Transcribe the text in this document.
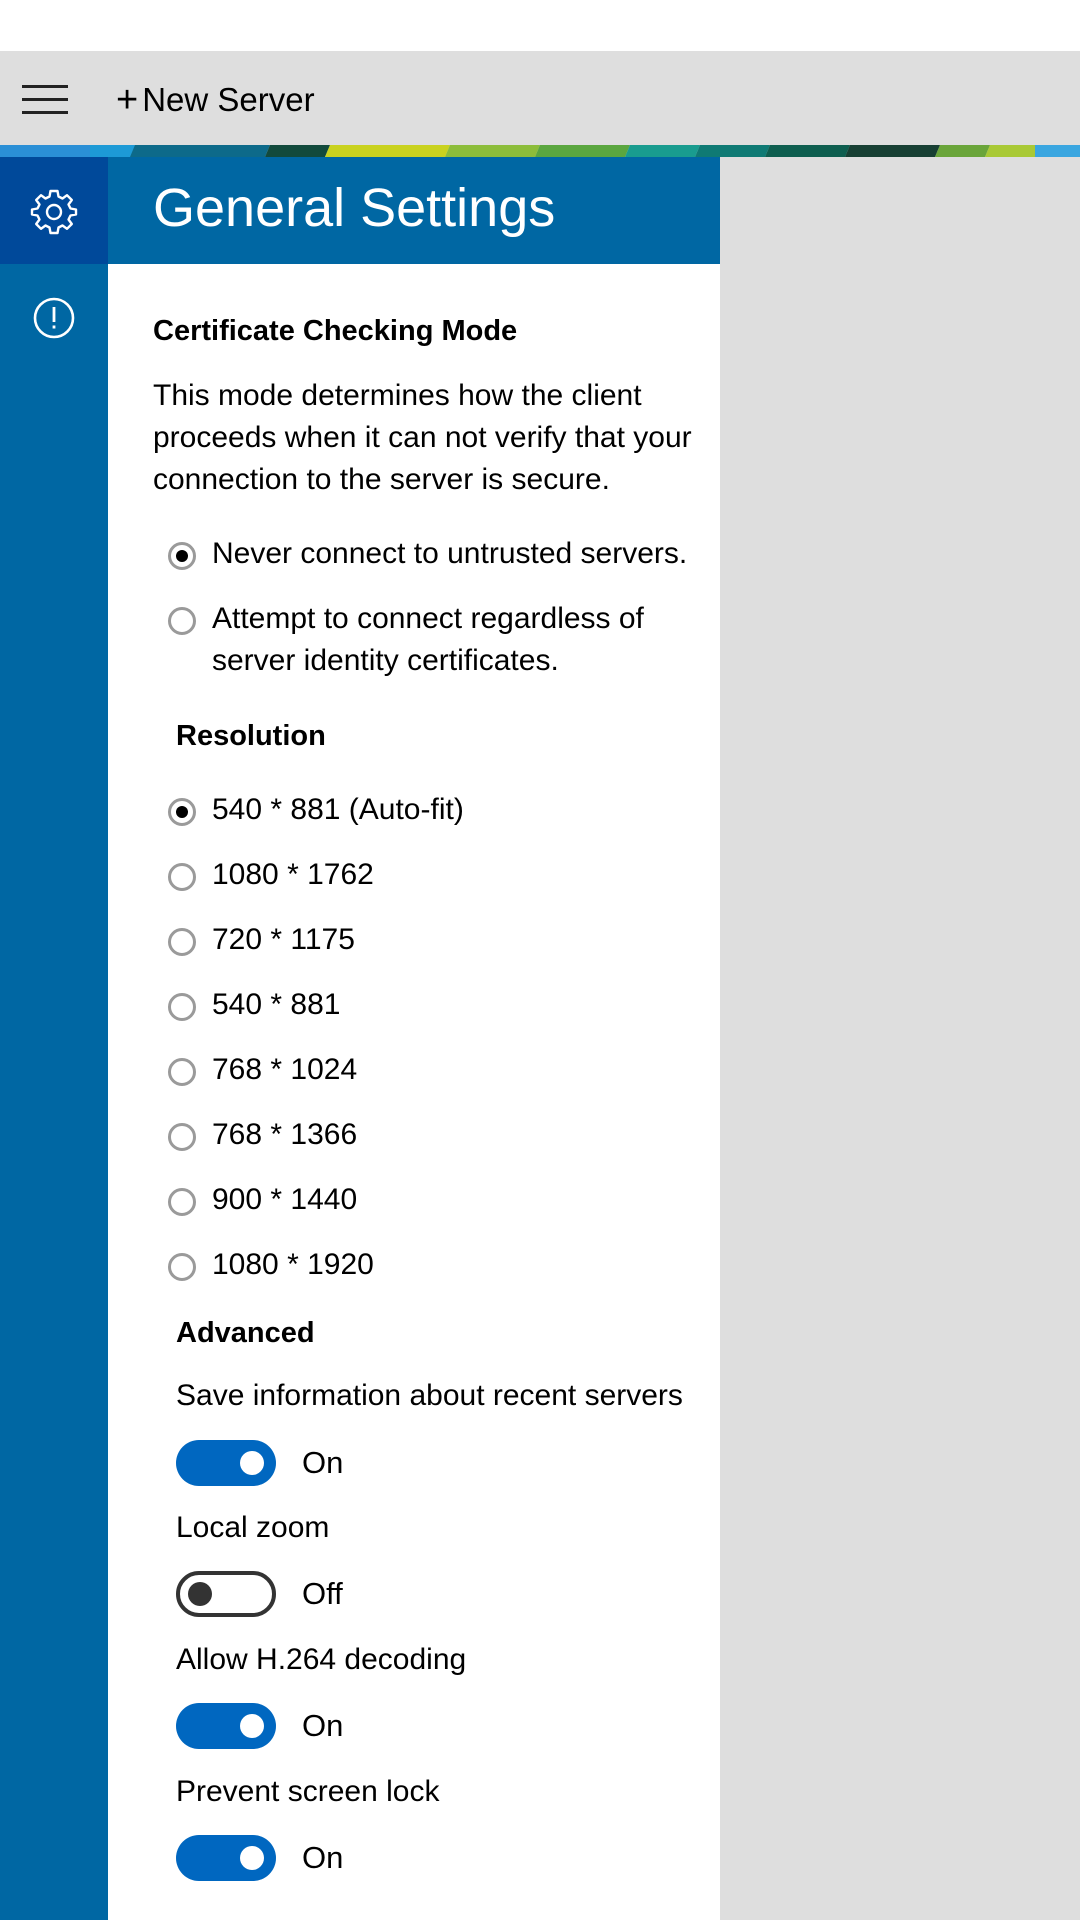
+ New Server
General Settings
Certificate Checking Mode
This mode determines how the client proceeds when it can not verify that your connection to the server is secure.
Never connect to untrusted servers.
Attempt to connect regardless of server identity certificates.
Resolution
540 * 881 (Auto-fit)
1080 * 1762
720 * 1175
540 * 881
768 * 1024
768 * 1366
900 * 1440
1080 * 1920
Advanced
Save information about recent servers
On
Local zoom
Off
Allow H.264 decoding
On
Prevent screen lock
On
